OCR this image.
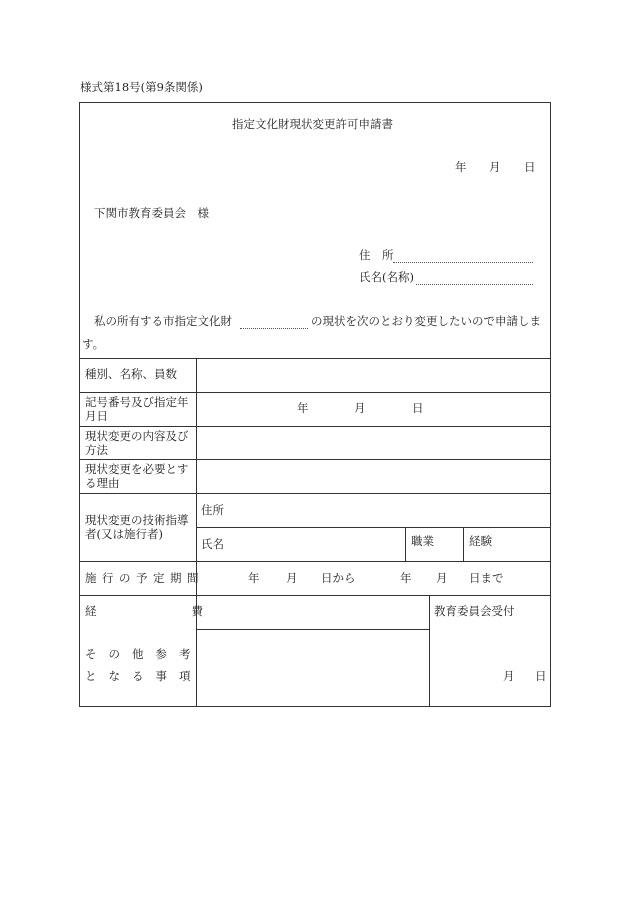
様式第18号(第9条関係)
指定文化財現状変更許可申請書
年 月 日
下関市教育委員会　様
住　所
氏名(名称)
私の所有する市指定文化財	の現状を次のとおり変更したいので申請しま
す。
種別、名称、員数
記号番号及び指定年
月日
年	月	日
現状変更の内容及び
方法
現状変更を必要とす
る理由
現状変更の技術指導
者(又は施行者)
住所
氏名	職業	経験
施行の予定期間	年 月 日から	年 月 日まで
経　　費
その他参考
となる事項
教育委員会受付
月 日
